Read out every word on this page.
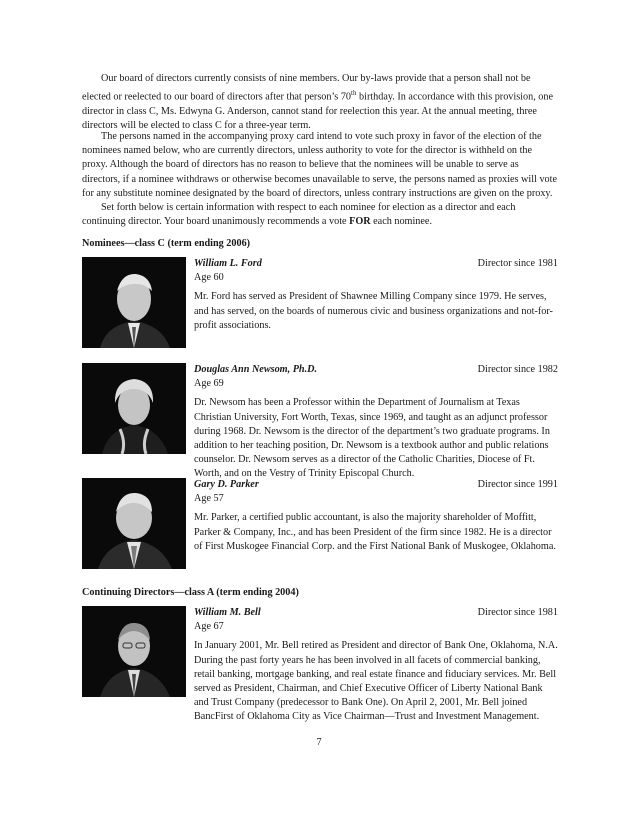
Our board of directors currently consists of nine members. Our by-laws provide that a person shall not be elected or reelected to our board of directors after that person’s 70th birthday. In accordance with this provision, one director in class C, Ms. Edwyna G. Anderson, cannot stand for reelection this year. At the annual meeting, three directors will be elected to class C for a three-year term.

The persons named in the accompanying proxy card intend to vote such proxy in favor of the election of the nominees named below, who are currently directors, unless authority to vote for the director is withheld on the proxy. Although the board of directors has no reason to believe that the nominees will be unable to serve as directors, if a nominee withdraws or otherwise becomes unavailable to serve, the persons named as proxies will vote for any substitute nominee designated by the board of directors, unless contrary instructions are given on the proxy.

Set forth below is certain information with respect to each nominee for election as a director and each continuing director. Your board unanimously recommends a vote FOR each nominee.

Nominees—class C (term ending 2006)

William L. Ford	Director since 1981

Age 60

Mr. Ford has served as President of Shawnee Milling Company since 1979. He serves, and has served, on the boards of numerous civic and business organizations and not-for-profit associations.

Douglas Ann Newsom, Ph.D.	Director since 1982

Age 69

Dr. Newsom has been a Professor within the Department of Journalism at Texas Christian University, Fort Worth, Texas, since 1969, and taught as an adjunct professor during 1968. Dr. Newsom is the director of the department’s two graduate programs. In addition to her teaching position, Dr. Newsom is a textbook author and public relations counselor. Dr. Newsom serves as a director of the Catholic Charities, Diocese of Ft. Worth, and on the Vestry of Trinity Episcopal Church.

Gary D. Parker	Director since 1991

Age 57

Mr. Parker, a certified public accountant, is also the majority shareholder of Moffitt, Parker & Company, Inc., and has been President of the firm since 1982. He is a director of First Muskogee Financial Corp. and the First National Bank of Muskogee, Oklahoma.

Continuing Directors—class A (term ending 2004)

William M. Bell	Director since 1981

Age 67

In January 2001, Mr. Bell retired as President and director of Bank One, Oklahoma, N.A. During the past forty years he has been involved in all facets of commercial banking, retail banking, mortgage banking, and real estate finance and fiduciary services. Mr. Bell served as President, Chairman, and Chief Executive Officer of Liberty National Bank and Trust Company (predecessor to Bank One). On April 2, 2001, Mr. Bell joined BancFirst of Oklahoma City as Vice Chairman—Trust and Investment Management.

7
